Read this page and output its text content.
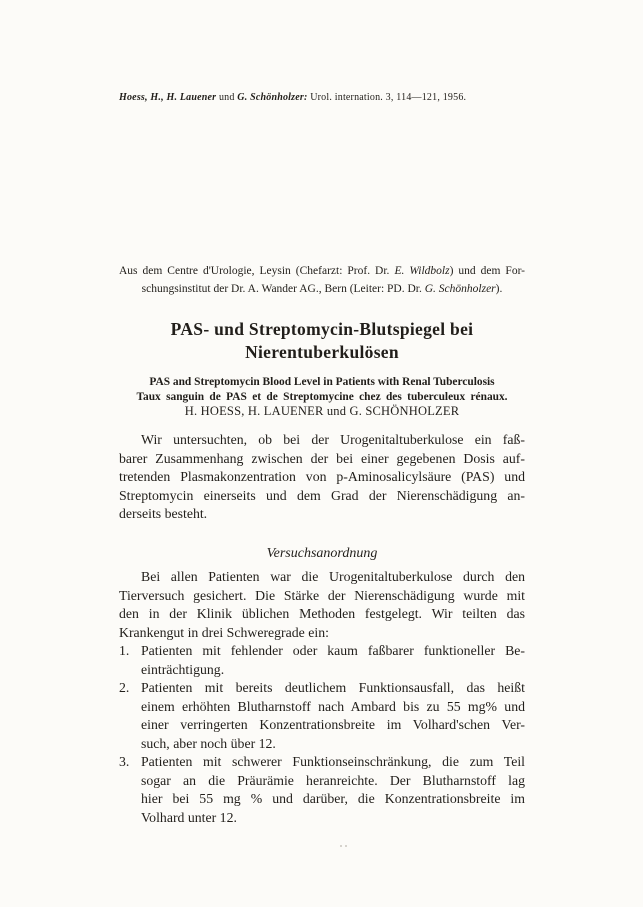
Hoess, H., H. Lauener und G. Schönholzer: Urol. internation. 3, 114—121, 1956.
Aus dem Centre d'Urologie, Leysin (Chefarzt: Prof. Dr. E. Wildbolz) und dem For-
schungsinstitut der Dr. A. Wander AG., Bern (Leiter: PD. Dr. G. Schönholzer).
PAS- und Streptomycin-Blutspiegel bei
Nierentuberkulösen
PAS and Streptomycin Blood Level in Patients with Renal Tuberculosis
Taux sanguin de PAS et de Streptomycine chez des tuberculeux rénaux.
H. HOESS, H. LAUENER und G. SCHÖNHOLZER
Wir untersuchten, ob bei der Urogenitaltuberkulose ein faß-
barer Zusammenhang zwischen der bei einer gegebenen Dosis auf-
tretenden Plasmakonzentration von p-Aminosalicylsäure (PAS) und
Streptomycin einerseits und dem Grad der Nierenschädigung an-
derseits besteht.
Versuchsanordnung
Bei allen Patienten war die Urogenitaltuberkulose durch den
Tierversuch gesichert. Die Stärke der Nierenschädigung wurde mit
den in der Klinik üblichen Methoden festgelegt. Wir teilten das
Krankengut in drei Schweregrade ein:
1. Patienten mit fehlender oder kaum faßbarer funktioneller Be-
einträchtigung.
2. Patienten mit bereits deutlichem Funktionsausfall, das heißt
einem erhöhten Blutharnstoff nach Ambard bis zu 55 mg% und
einer verringerten Konzentrationsbreite im Volhard'schen Ver-
such, aber noch über 12.
3. Patienten mit schwerer Funktionseinschränkung, die zum Teil
sogar an die Präurämie heranreichte. Der Blutharnstoff lag
hier bei 55 mg % und darüber, die Konzentrationsbreite im
Volhard unter 12.
